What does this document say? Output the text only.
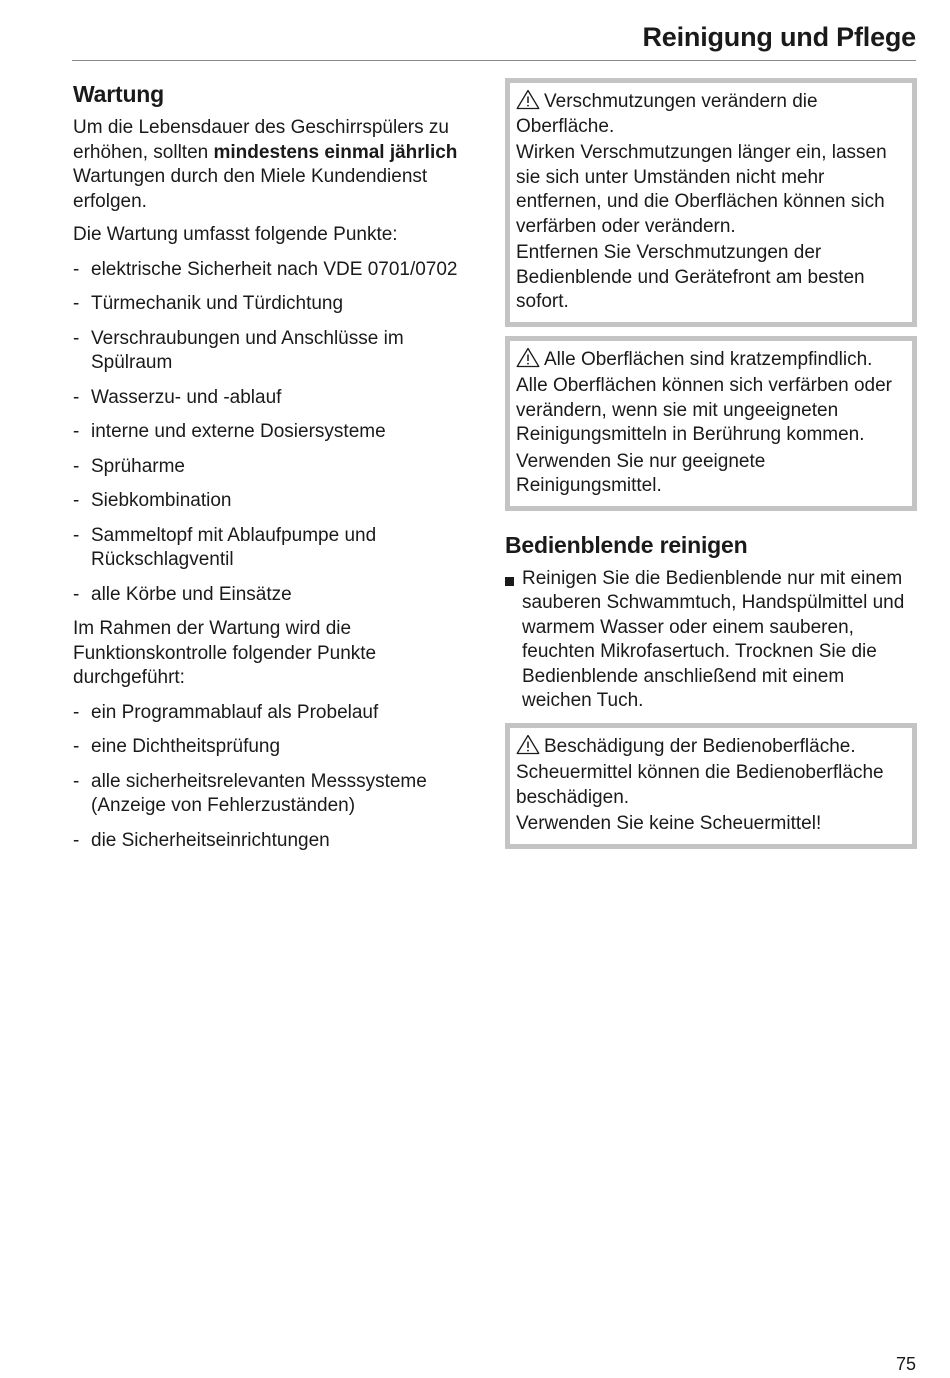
Reinigung und Pflege
Wartung

Um die Lebensdauer des Geschirrspülers zu erhöhen, sollten mindestens einmal jährlich Wartungen durch den Miele Kundendienst erfolgen.

Die Wartung umfasst folgende Punkte:

- elektrische Sicherheit nach VDE 0701/0702
- Türmechanik und Türdichtung
- Verschraubungen und Anschlüsse im Spülraum
- Wasserzu- und -ablauf
- interne und externe Dosiersysteme
- Sprüharme
- Siebkombination
- Sammeltopf mit Ablaufpumpe und Rückschlagventil
- alle Körbe und Einsätze

Im Rahmen der Wartung wird die Funktionskontrolle folgender Punkte durchgeführt:

- ein Programmablauf als Probelauf
- eine Dichtheitsprüfung
- alle sicherheitsrelevanten Messsysteme (Anzeige von Fehlerzuständen)
- die Sicherheitseinrichtungen

Verschmutzungen verändern die Oberfläche.

Wirken Verschmutzungen länger ein, lassen sie sich unter Umständen nicht mehr entfernen, und die Oberflächen können sich verfärben oder verändern.

Entfernen Sie Verschmutzungen der Bedienblende und Gerätefront am besten sofort.

Alle Oberflächen sind kratzempfindlich.

Alle Oberflächen können sich verfärben oder verändern, wenn sie mit ungeeigneten Reinigungsmitteln in Berührung kommen.

Verwenden Sie nur geeignete Reinigungsmittel.

Bedienblende reinigen
Reinigen Sie die Bedienblende nur mit einem sauberen Schwammtuch, Handspülmittel und warmem Wasser oder einem sauberen, feuchten Mikrofasertuch. Trocknen Sie die Bedienblende anschließend mit einem weichen Tuch.

Beschädigung der Bedienoberfläche.

Scheuermittel können die Bedienoberfläche beschädigen.

Verwenden Sie keine Scheuermittel!

75
